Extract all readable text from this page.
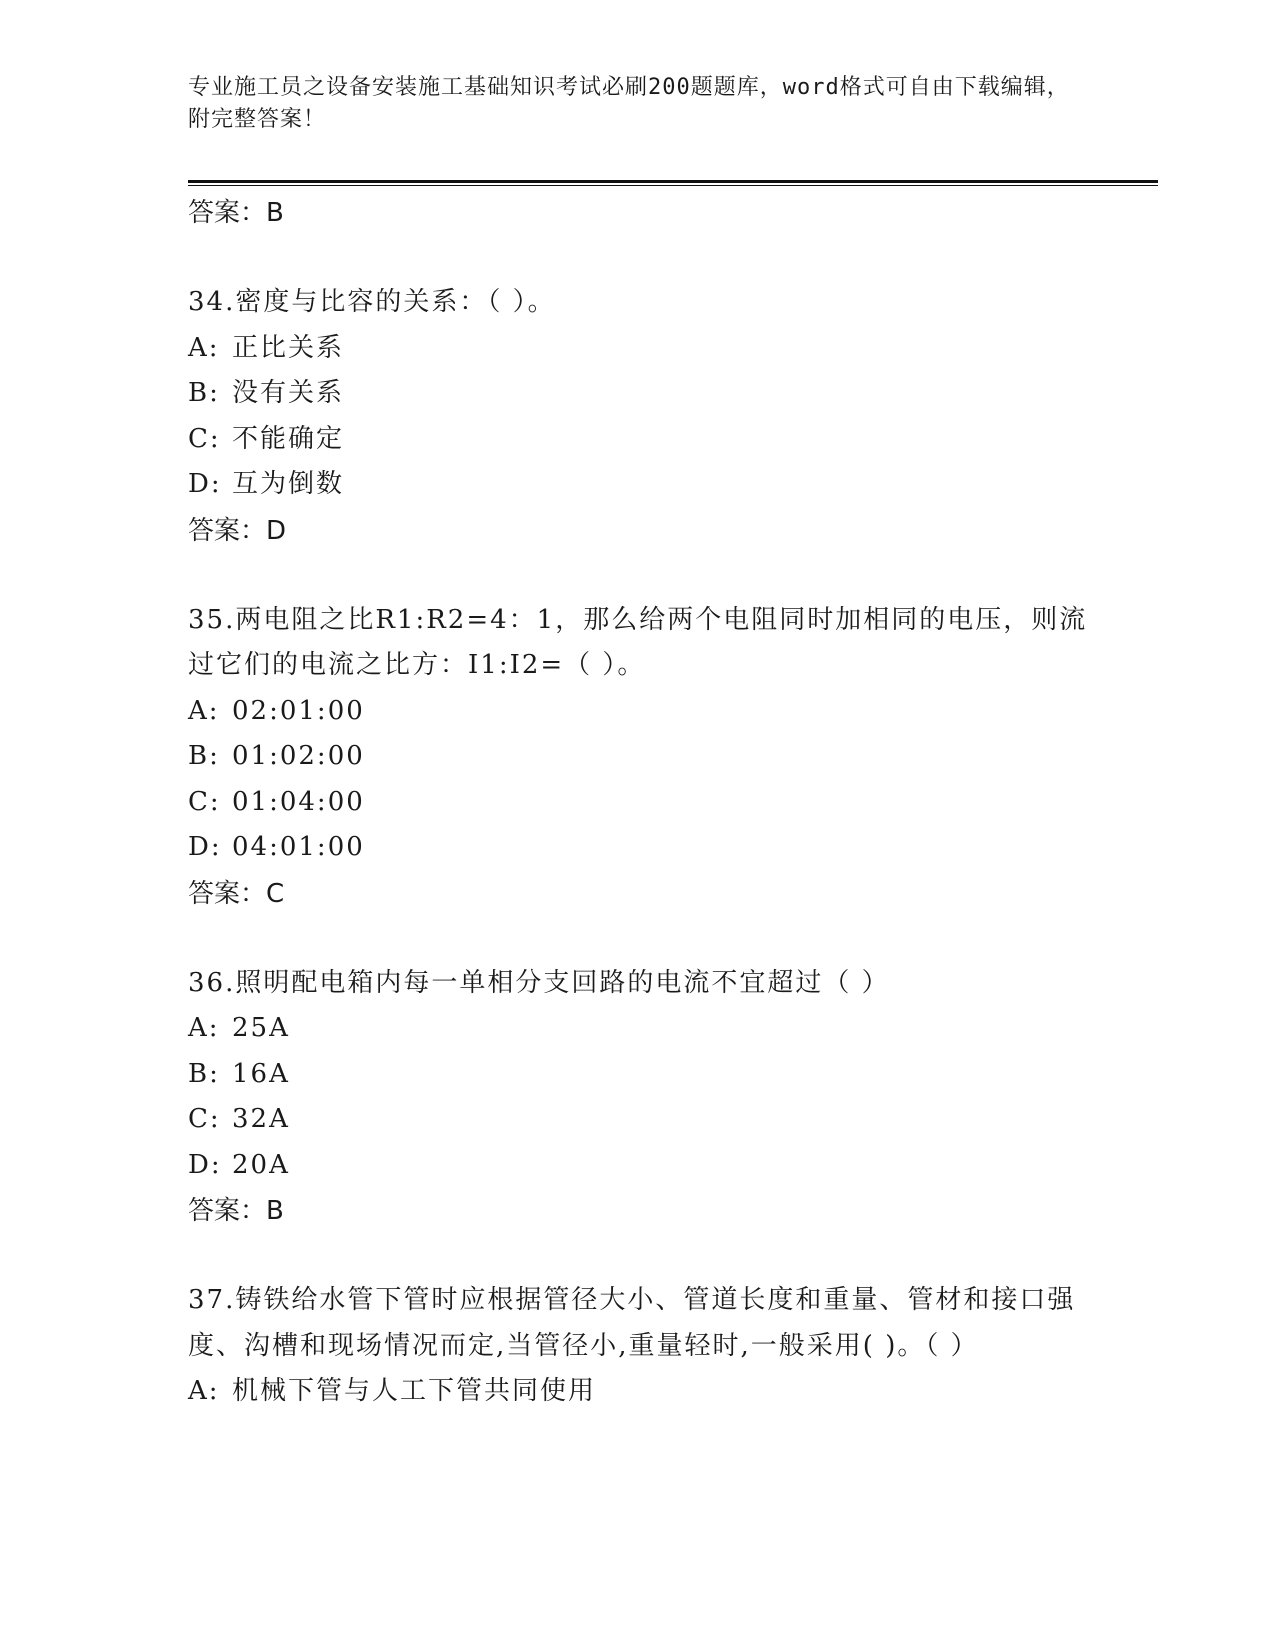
专业施工员之设备安装施工基础知识考试必刷200题题库，word格式可自由下载编辑，附完整答案！
答案：B
34.密度与比容的关系：（ ）。
A: 正比关系
B: 没有关系
C: 不能确定
D: 互为倒数
答案：D
35.两电阻之比R1:R2=4：1，那么给两个电阻同时加相同的电压，则流过它们的电流之比方：I1:I2=（ ）。
A: 02:01:00
B: 01:02:00
C: 01:04:00
D: 04:01:00
答案：C
36.照明配电箱内每一单相分支回路的电流不宜超过（ ）
A: 25A
B: 16A
C: 32A
D: 20A
答案：B
37.铸铁给水管下管时应根据管径大小、管道长度和重量、管材和接口强度、沟槽和现场情况而定,当管径小,重量轻时,一般采用( )。（ ）
A: 机械下管与人工下管共同使用
